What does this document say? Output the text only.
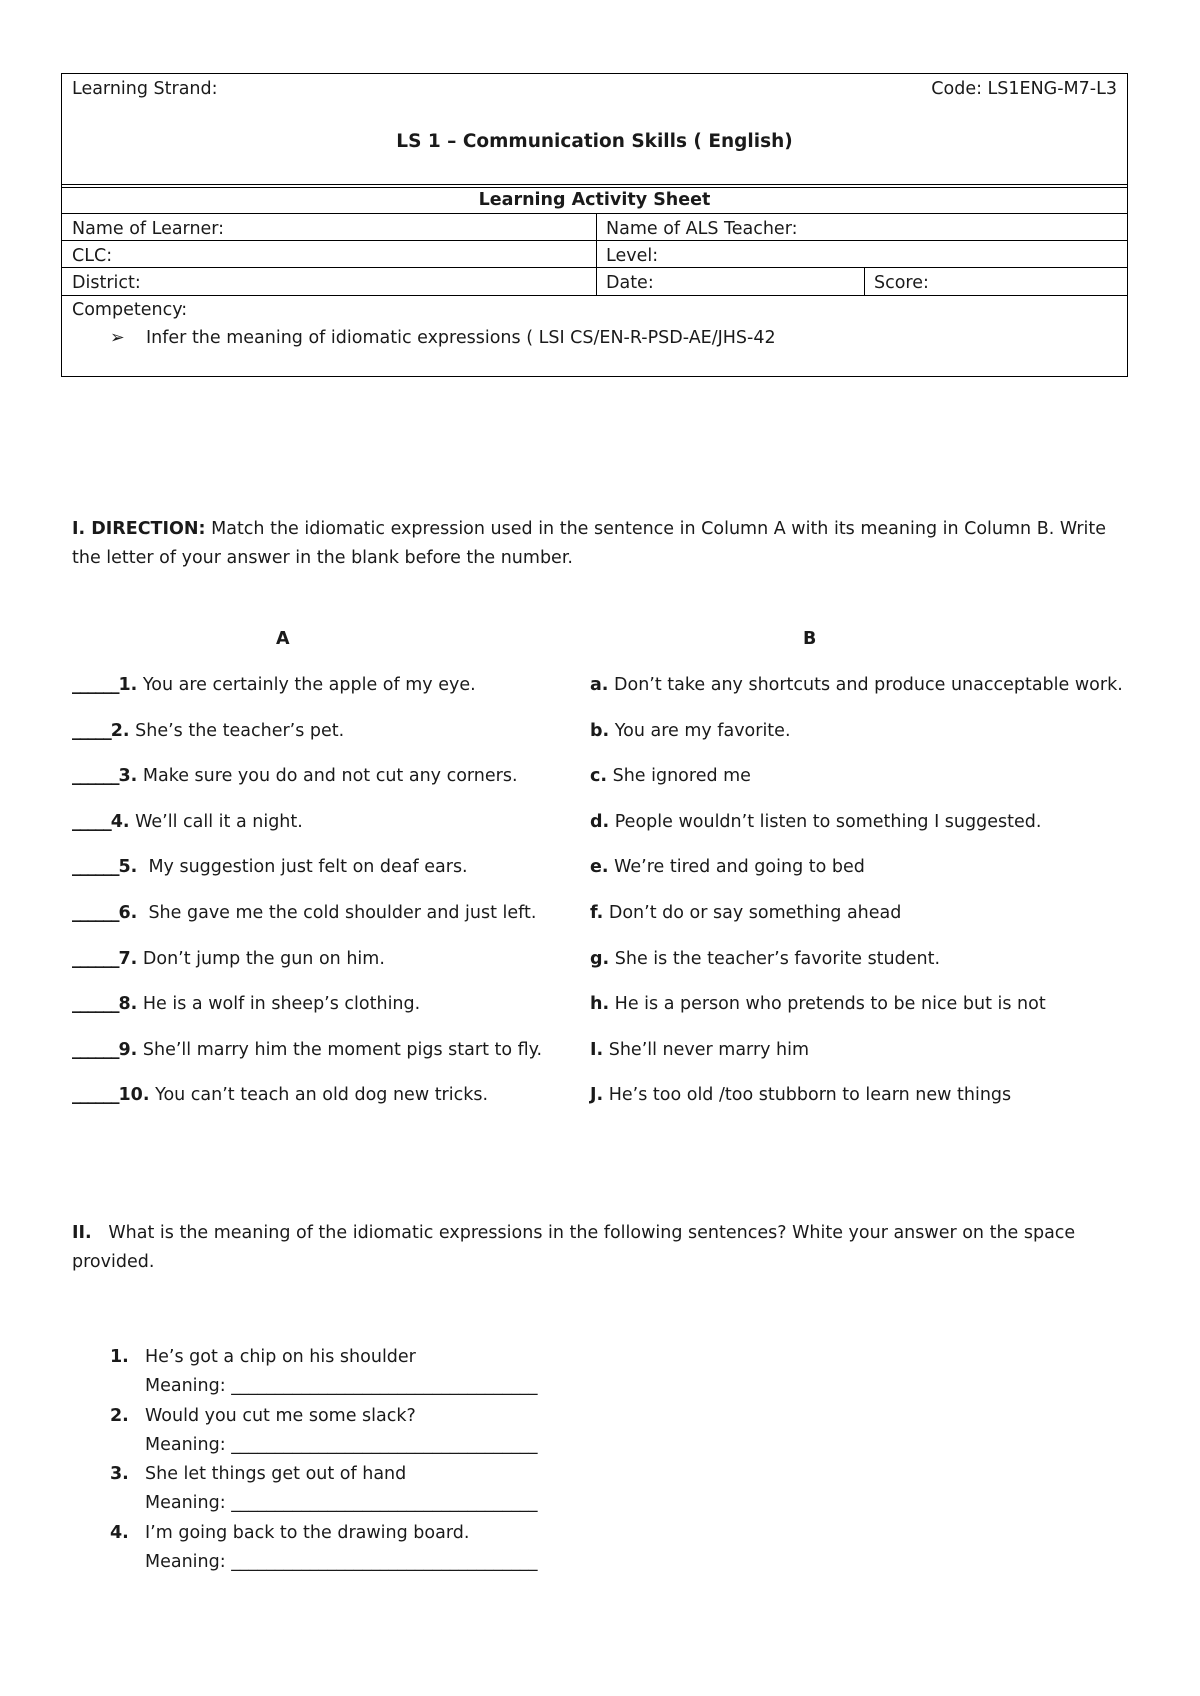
Learning Strand:	Code: LS1ENG-M7-L3
LS 1 – Communication Skills ( English)
Learning Activity Sheet
Name of Learner:	Name of ALS Teacher:
CLC:	Level:
District:	Date:	Score:
Competency:
➢ Infer the meaning of idiomatic expressions ( LSI CS/EN-R-PSD-AE/JHS-42
I. DIRECTION: Match the idiomatic expression used in the sentence in Column A with its meaning in Column B. Write
the letter of your answer in the blank before the number.
A	B
______1. You are certainly the apple of my eye.	a. Don’t take any shortcuts and produce unacceptable work.
_____2. She’s the teacher’s pet.	b. You are my favorite.
______3. Make sure you do and not cut any corners.	c. She ignored me
_____4. We’ll call it a night.	d. People wouldn’t listen to something I suggested.
______5.  My suggestion just felt on deaf ears.	e. We’re tired and going to bed
______6.  She gave me the cold shoulder and just left.	f. Don’t do or say something ahead
______7. Don’t jump the gun on him.	g. She is the teacher’s favorite student.
______8. He is a wolf in sheep’s clothing.	h. He is a person who pretends to be nice but is not
______9. She’ll marry him the moment pigs start to fly.	I. She’ll never marry him
______10. You can’t teach an old dog new tricks.	J. He’s too old /too stubborn to learn new things
II. What is the meaning of the idiomatic expressions in the following sentences? White your answer on the space
provided.
1. He’s got a chip on his shoulder
Meaning: ___________________________________
2. Would you cut me some slack?
Meaning: ___________________________________
3. She let things get out of hand
Meaning: ___________________________________
4. I’m going back to the drawing board.
Meaning: ___________________________________
